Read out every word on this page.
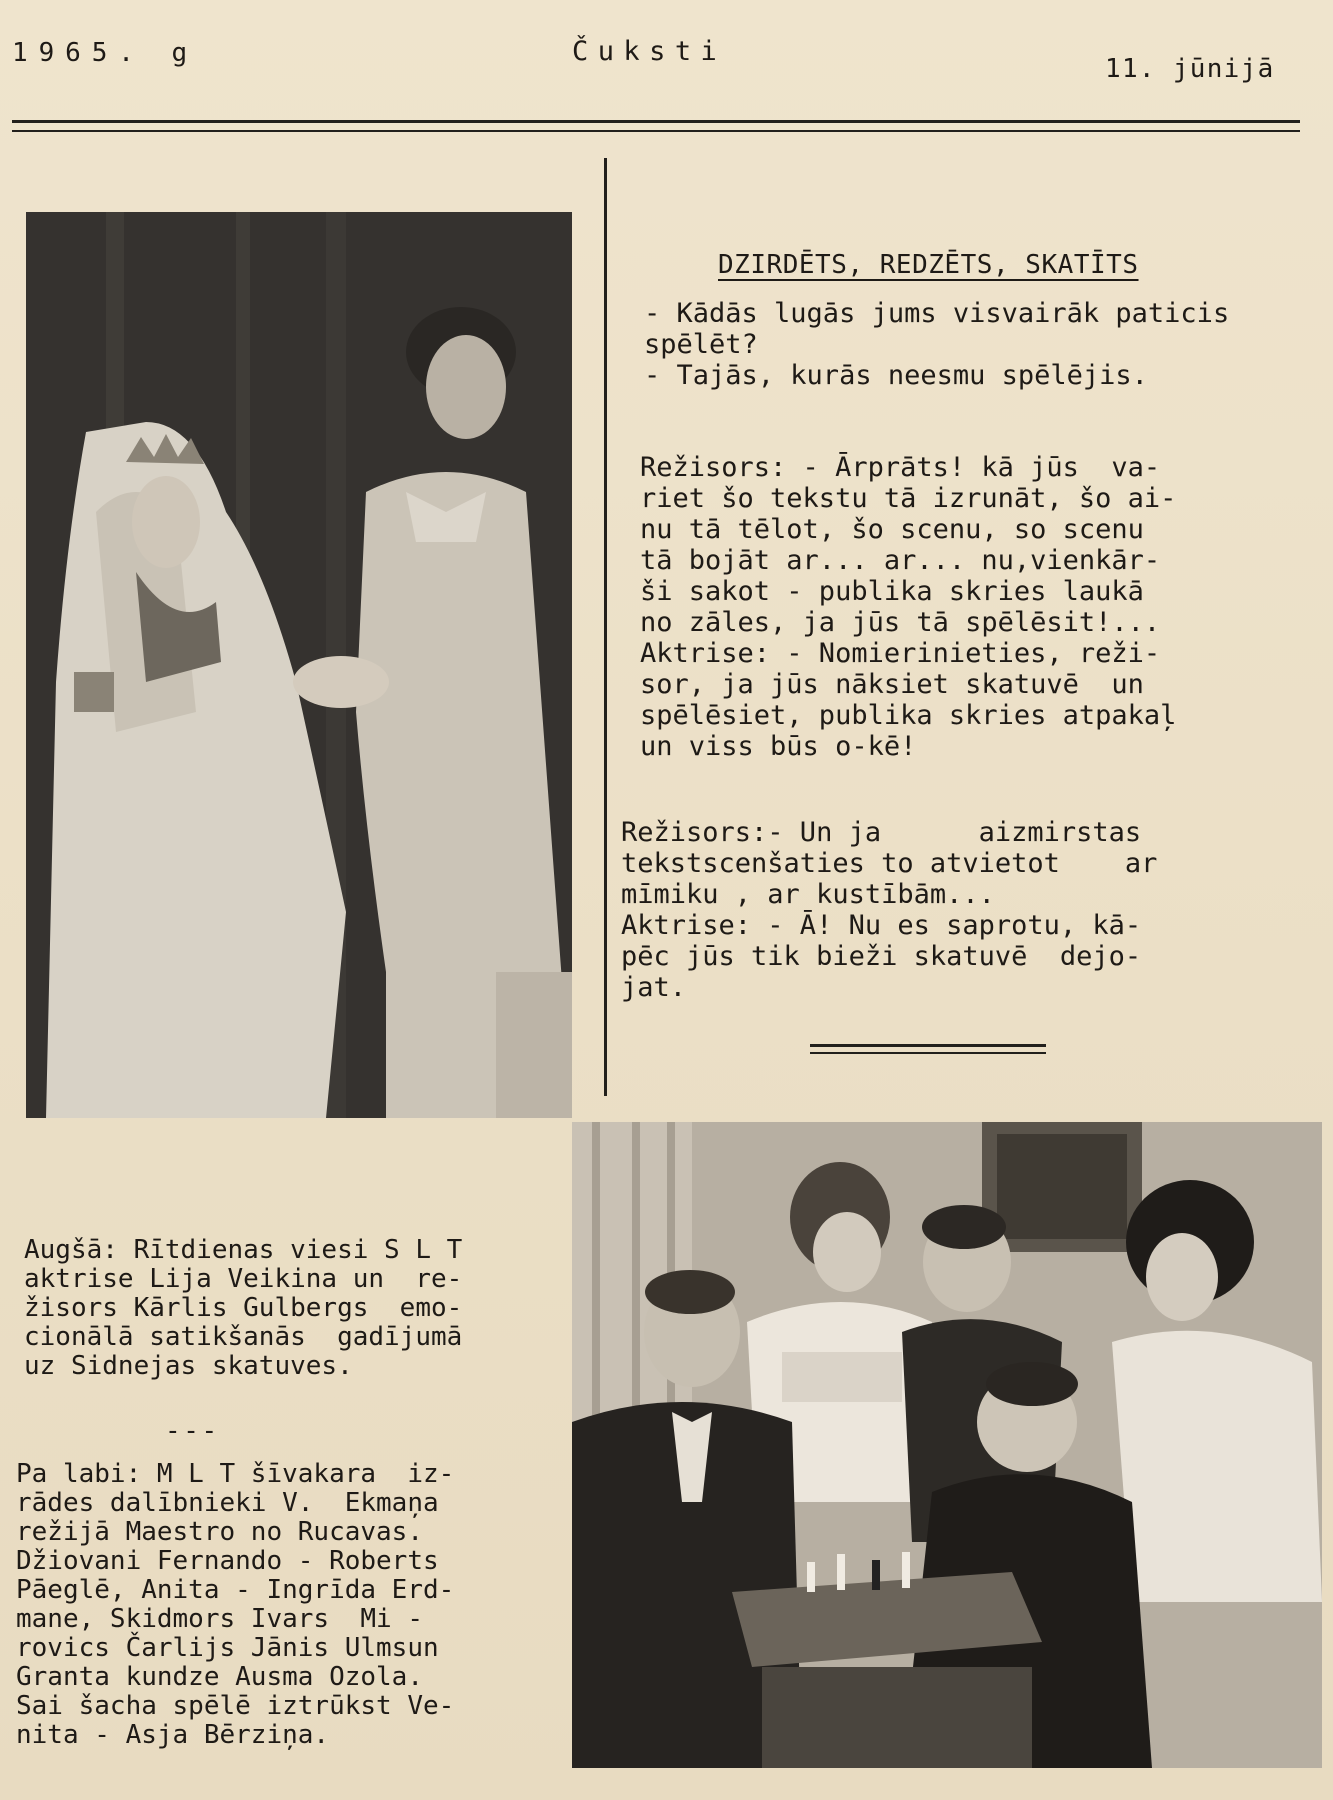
1965. g	Čuksti
11. jūnijā
DZIRDĒTS, REDZĒTS, SKATĪTS
- Kādās lugās jums visvairāk paticis
spēlēt?
- Tajās, kurās neesmu spēlējis.
Režisors: - Ārprāts! kā jūs  va-
riet šo tekstu tā izrunāt, šo ai-
nu tā tēlot, šo scenu, so scenu
tā bojāt ar... ar... nu,vienkār-
ši sakot - publika skries laukā
no zāles, ja jūs tā spēlēsit!...
Aktrise: - Nomierinieties, reži-
sor, ja jūs nāksiet skatuvē  un
spēlēsiet, publika skries atpakaļ
un viss būs o-kē!
Režisors:- Un ja      aizmirstas
tekstscenšaties to atvietot    ar
mīmiku , ar kustībām...
Aktrise: - Ā! Nu es saprotu, kā-
pēc jūs tik bieži skatuvē  dejo-
jat.
Augšā: Rītdienas viesi S L T
aktrise Lija Veikina un  re-
žisors Kārlis Gulbergs  emo-
cionālā satikšanās  gadījumā
uz Sidnejas skatuves.
---
Pa labi: M L T šīvakara  iz-
rādes dalībnieki V.  Ekmaņa
režijā Maestro no Rucavas.
Džiovani Fernando - Roberts
Pāeglē, Anita - Ingrīda Erd-
mane, Skidmors Ivars  Mi -
rovics Čarlijs Jānis Ulmsun
Granta kundze Ausma Ozola.
Sai šacha spēlē iztrūkst Ve-
nita - Asja Bērziņa.
